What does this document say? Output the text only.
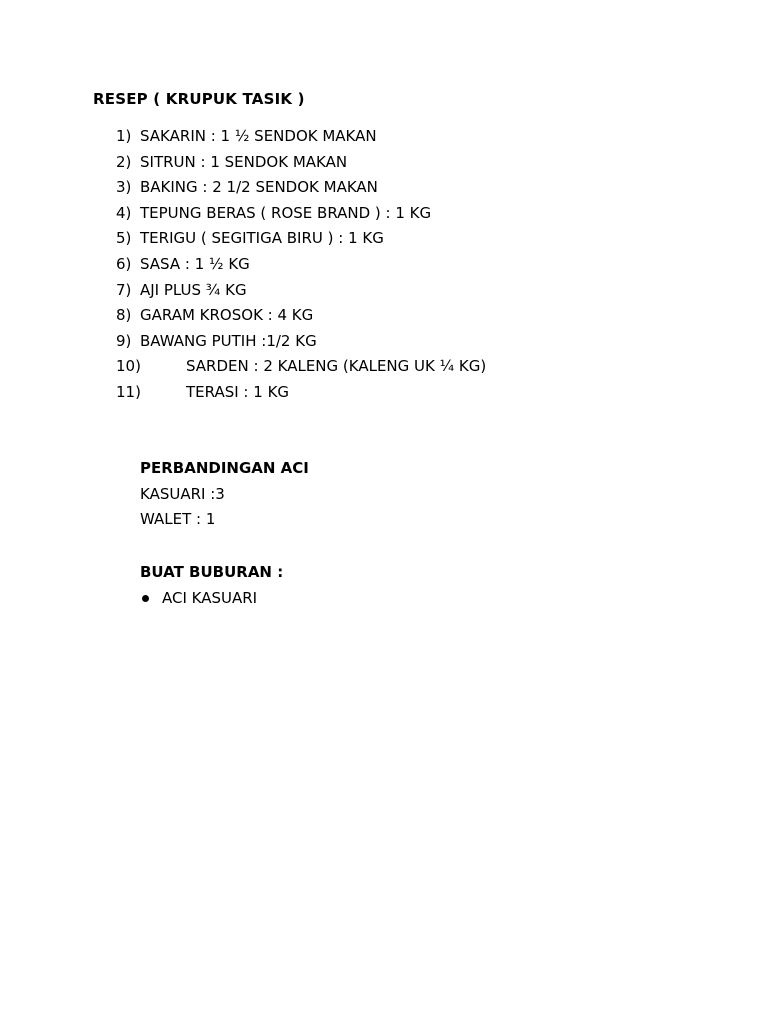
RESEP ( KRUPUK TASIK )
1) SAKARIN : 1 ½ SENDOK MAKAN
2) SITRUN : 1 SENDOK MAKAN
3) BAKING : 2 1/2 SENDOK MAKAN
4) TEPUNG BERAS ( ROSE BRAND ) : 1 KG
5) TERIGU ( SEGITIGA BIRU ) : 1 KG
6) SASA : 1 ½ KG
7) AJI PLUS ¾ KG
8) GARAM KROSOK : 4 KG
9) BAWANG PUTIH :1/2 KG
10)	SARDEN : 2 KALENG (KALENG UK ¼ KG)
11)	TERASI : 1 KG
PERBANDINGAN ACI
KASUARI :3
WALET : 1
BUAT BUBURAN :
ACI KASUARI
